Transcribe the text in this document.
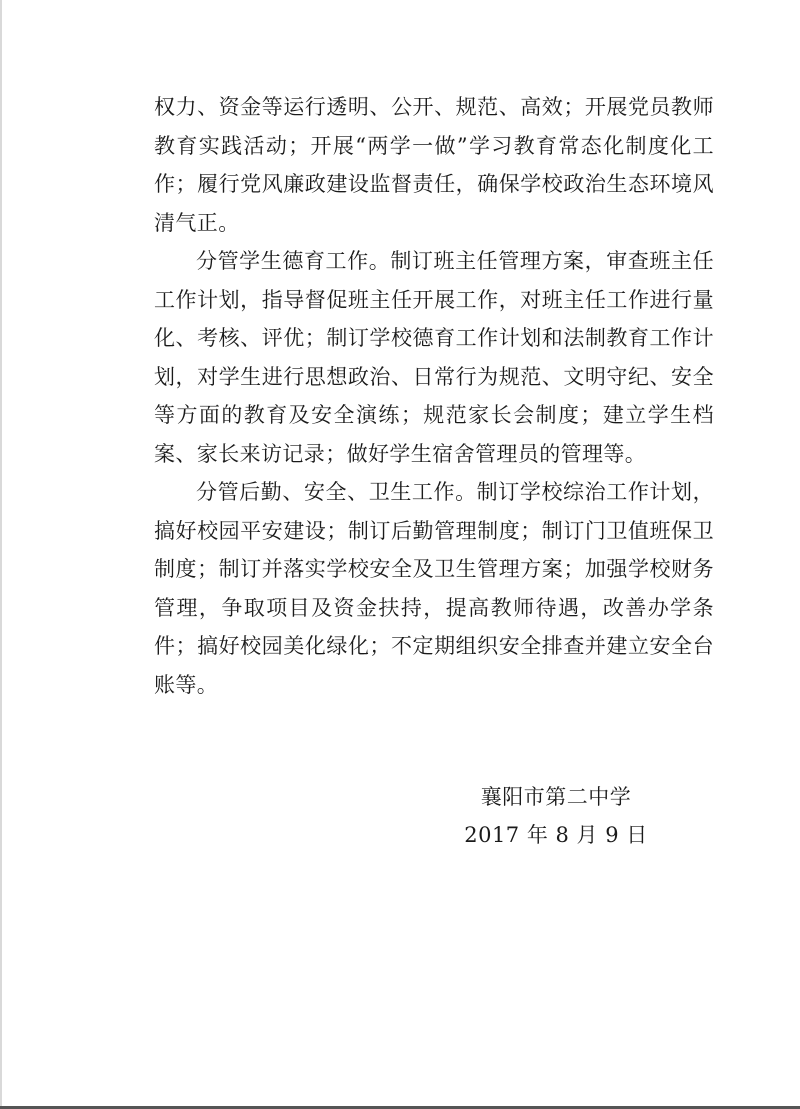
权力、资金等运行透明、公开、规范、高效；开展党员教师教育实践活动；开展“两学一做”学习教育常态化制度化工作；履行党风廉政建设监督责任，确保学校政治生态环境风清气正。

分管学生德育工作。制订班主任管理方案，审查班主任工作计划，指导督促班主任开展工作，对班主任工作进行量化、考核、评优；制订学校德育工作计划和法制教育工作计划，对学生进行思想政治、日常行为规范、文明守纪、安全等方面的教育及安全演练；规范家长会制度；建立学生档案、家长来访记录；做好学生宿舍管理员的管理等。

分管后勤、安全、卫生工作。制订学校综治工作计划，搞好校园平安建设；制订后勤管理制度；制订门卫值班保卫制度；制订并落实学校安全及卫生管理方案；加强学校财务管理，争取项目及资金扶持，提高教师待遇，改善办学条件；搞好校园美化绿化；不定期组织安全排查并建立安全台账等。

襄阳市第二中学
2017 年 8 月 9 日
